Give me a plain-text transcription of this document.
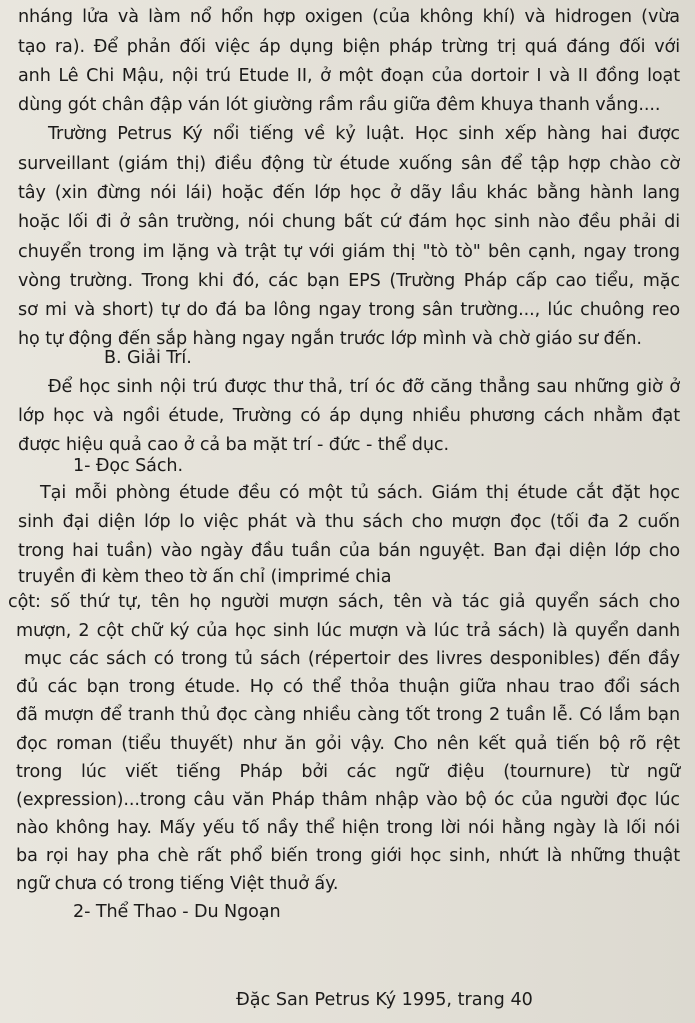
nháng lửa và làm nổ hổn hợp oxigen (của không khí) và hidrogen (vừa
tạo ra). Để phản đối việc áp dụng biện pháp trừng trị quá đáng đối với
anh Lê Chi Mậu, nội trú Etude II, ở một đoạn của dortoir I và II đồng loạt
dùng gót chân đập ván lót giường rầm rầu giữa đêm khuya thanh vắng....
Trường Petrus Ký nổi tiếng về kỷ luật. Học sinh xếp hàng hai được
surveillant (giám thị) điều động từ étude xuống sân để tập hợp chào cờ
tây (xin đừng nói lái) hoặc đến lớp học ở dãy lầu khác bằng hành lang
hoặc lối đi ở sân trường, nói chung bất cứ đám học sinh nào đều phải di
chuyển trong im lặng và trật tự với giám thị "tò tò" bên cạnh, ngay trong
vòng trường. Trong khi đó, các bạn EPS (Trường Pháp cấp cao tiểu, mặc
sơ mi và short) tự do đá ba lông ngay trong sân trường..., lúc chuông reo
họ tự động đến sắp hàng ngay ngắn trước lớp mình và chờ giáo sư đến.
B. Giải Trí.
Để học sinh nội trú được thư thả, trí óc đỡ căng thẳng sau những giờ ở
lớp học và ngồi étude, Trường có áp dụng nhiều phương cách nhằm đạt
được hiệu quả cao ở cả ba mặt trí - đức - thể dục.
1- Đọc Sách.
Tại mỗi phòng étude đều có một tủ sách. Giám thị étude cắt đặt học
sinh đại diện lớp lo việc phát và thu sách cho mượn đọc (tối đa 2 cuốn
trong hai tuần) vào ngày đầu tuần của bán nguyệt. Ban đại diện lớp cho
truyền đi kèm theo tờ ấn chỉ (imprimé chia
cột: số thứ tự, tên họ người mượn sách, tên và tác giả quyển sách cho
mượn, 2 cột chữ ký của học sinh lúc mượn và lúc trả sách) là quyển danh
mục các sách có trong tủ sách (répertoir des livres desponibles) đến đầy
đủ các bạn trong étude. Họ có thể thỏa thuận giữa nhau trao đổi sách
đã mượn để tranh thủ đọc càng nhiều càng tốt trong 2 tuần lễ. Có lắm bạn
đọc roman (tiểu thuyết) như ăn gỏi vậy. Cho nên kết quả tiến bộ rõ rệt
trong lúc viết tiếng Pháp bởi các ngữ điệu (tournure) từ ngữ
(expression)...trong câu văn Pháp thâm nhập vào bộ óc của người đọc lúc
nào không hay. Mấy yếu tố nầy thể hiện trong lời nói hằng ngày là lối nói
ba rọi hay pha chè rất phổ biến trong giới học sinh, nhứt là những thuật
ngữ chưa có trong tiếng Việt thuở ấy.
2- Thể Thao - Du Ngoạn
Đặc San Petrus Ký 1995, trang 40
